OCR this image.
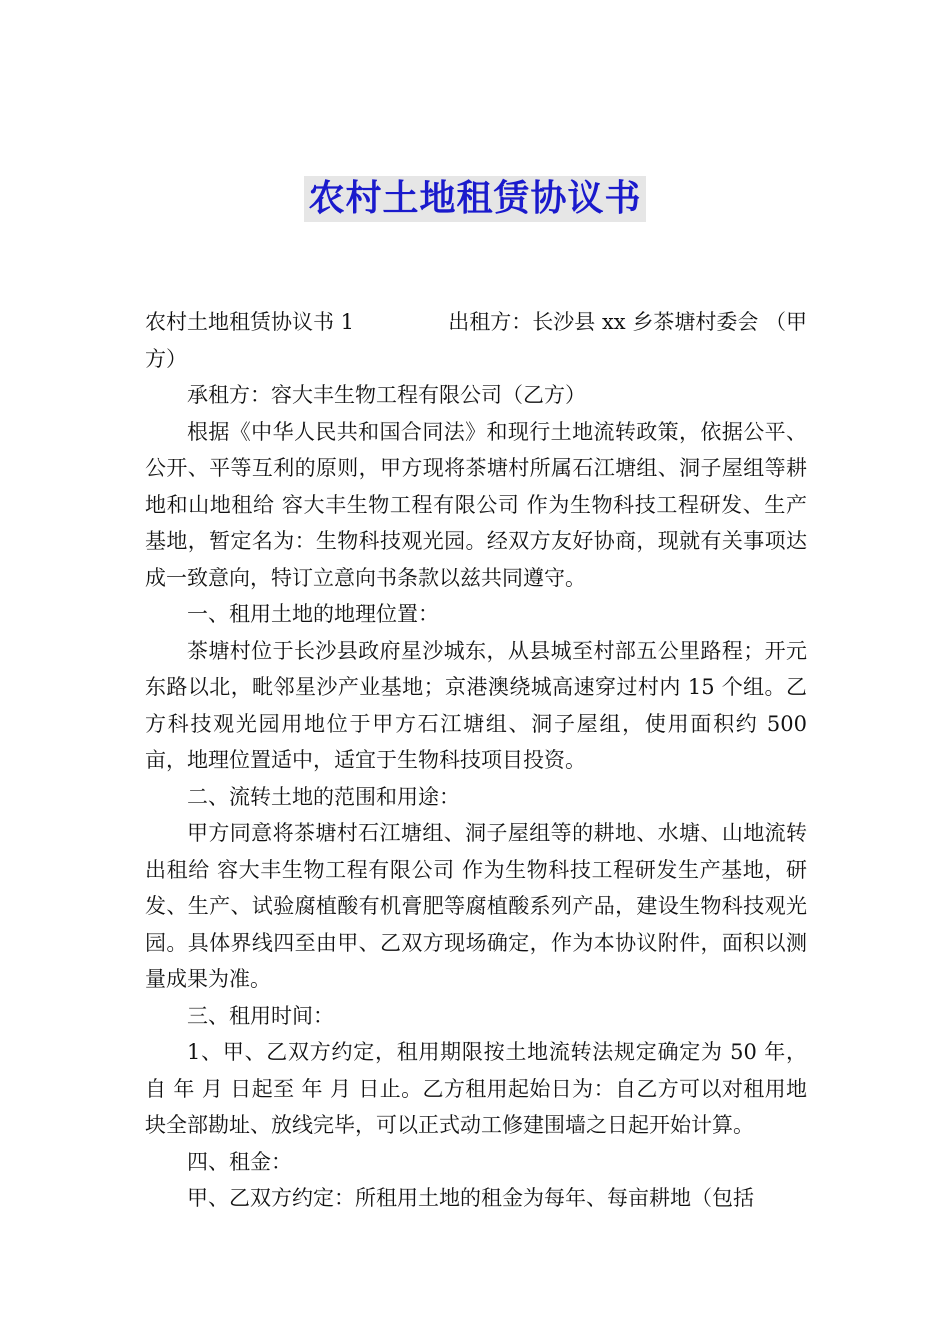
农村土地租赁协议书
农村土地租赁协议书 1	出租方：长沙县 xx 乡茶塘村委会 （甲

方）

承租方：容大丰生物工程有限公司（乙方）

根据《中华人民共和国合同法》和现行土地流转政策，依据公平、公开、平等互利的原则，甲方现将茶塘村所属石江塘组、洞子屋组等耕地和山地租给 容大丰生物工程有限公司 作为生物科技工程研发、生产基地，暂定名为：生物科技观光园。经双方友好协商，现就有关事项达成一致意向，特订立意向书条款以兹共同遵守。

一、租用土地的地理位置：

茶塘村位于长沙县政府星沙城东，从县城至村部五公里路程；开元东路以北，毗邻星沙产业基地；京港澳绕城高速穿过村内 15 个组。乙方科技观光园用地位于甲方石江塘组、洞子屋组，使用面积约 500 亩，地理位置适中，适宜于生物科技项目投资。

二、流转土地的范围和用途：

甲方同意将茶塘村石江塘组、洞子屋组等的耕地、水塘、山地流转出租给 容大丰生物工程有限公司 作为生物科技工程研发生产基地，研发、生产、试验腐植酸有机膏肥等腐植酸系列产品，建设生物科技观光园。具体界线四至由甲、乙双方现场确定，作为本协议附件，面积以测量成果为准。

三、租用时间：

1、甲、乙双方约定，租用期限按土地流转法规定确定为 50 年，自 年 月 日起至 年 月 日止。乙方租用起始日为：自乙方可以对租用地块全部勘址、放线完毕，可以正式动工修建围墙之日起开始计算。

四、租金：

甲、乙双方约定：所租用土地的租金为每年、每亩耕地（包括
